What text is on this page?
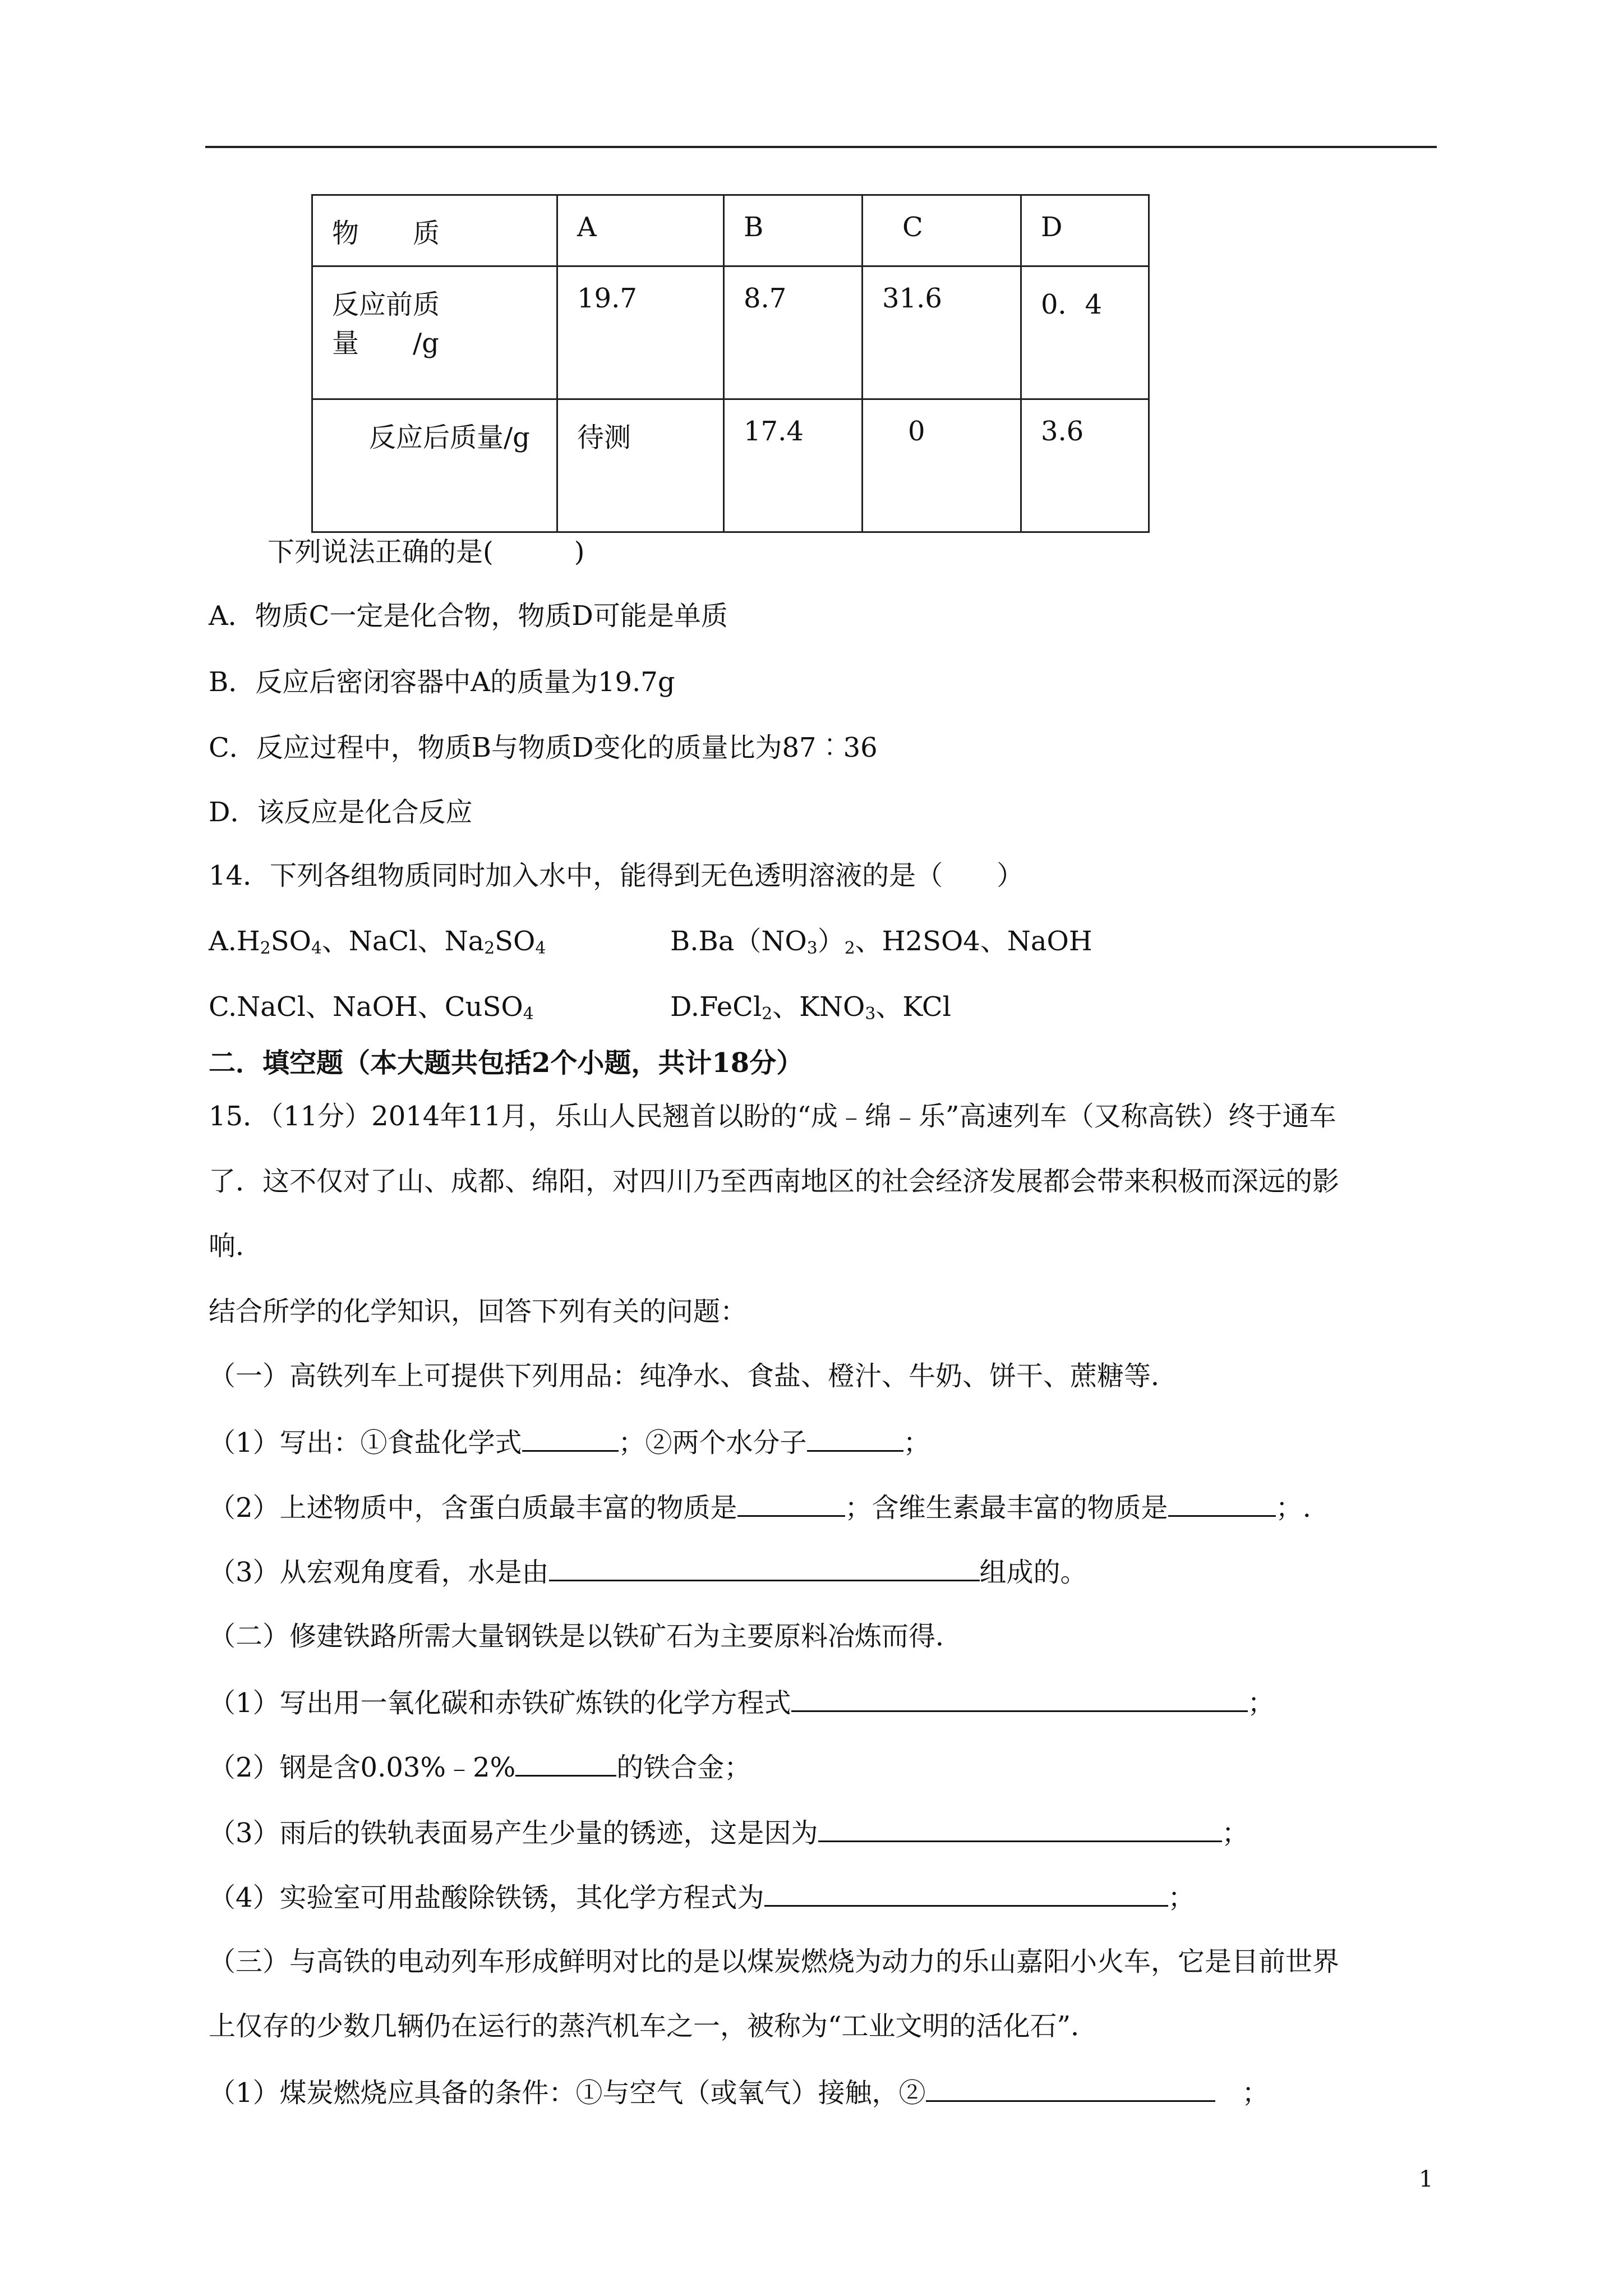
物　　质	A	B	C	D
反应前质量　　/g	19.7	8.7	31.6	0．4
反应后质量/g	待测	17.4	0	3.6
下列说法正确的是(　　　)
A．物质C一定是化合物，物质D可能是单质
B．反应后密闭容器中A的质量为19.7g
C．反应过程中，物质B与物质D变化的质量比为87︰36
D．该反应是化合反应
14．下列各组物质同时加入水中，能得到无色透明溶液的是（　　）
$A.H_2SO_4$、NaCl、$Na_2SO_4$	$B.Ba(NO_3)_2$、H2SO4、NaOH
C.NaCl、NaOH、CuSO$_4$	D.FeCl$_2$、$KNO_3$、KCl
二．填空题（本大题共包括2个小题，共计18分）
15．（11分）2014年11月，乐山人民翘首以盼的“成﹣绵﹣乐”高速列车（又称高铁）终于通车
了．这不仅对了山、成都、绵阳，对四川乃至西南地区的社会经济发展都会带来积极而深远的影
响．
结合所学的化学知识，回答下列有关的问题：
（一）高铁列车上可提供下列用品：纯净水、食盐、橙汁、牛奶、饼干、蔗糖等．
（1）写出：①食盐化学式	；②两个水分子	；
（2）上述物质中，含蛋白质最丰富的物质是	；含维生素最丰富的物质是	；.
（3）从宏观角度看，水是由	组成的。
（二）修建铁路所需大量钢铁是以铁矿石为主要原料冶炼而得．
（1）写出用一氧化碳和赤铁矿炼铁的化学方程式	；
（2）钢是含0.03%﹣2%	的铁合金；
（3）雨后的铁轨表面易产生少量的锈迹，这是因为	；
（4）实验室可用盐酸除铁锈，其化学方程式为	；
（三）与高铁的电动列车形成鲜明对比的是以煤炭燃烧为动力的乐山嘉阳小火车，它是目前世界
上仅存的少数几辆仍在运行的蒸汽机车之一，被称为“工业文明的活化石”．
（1）煤炭燃烧应具备的条件：①与空气（或氧气）接触，②	　；
1
